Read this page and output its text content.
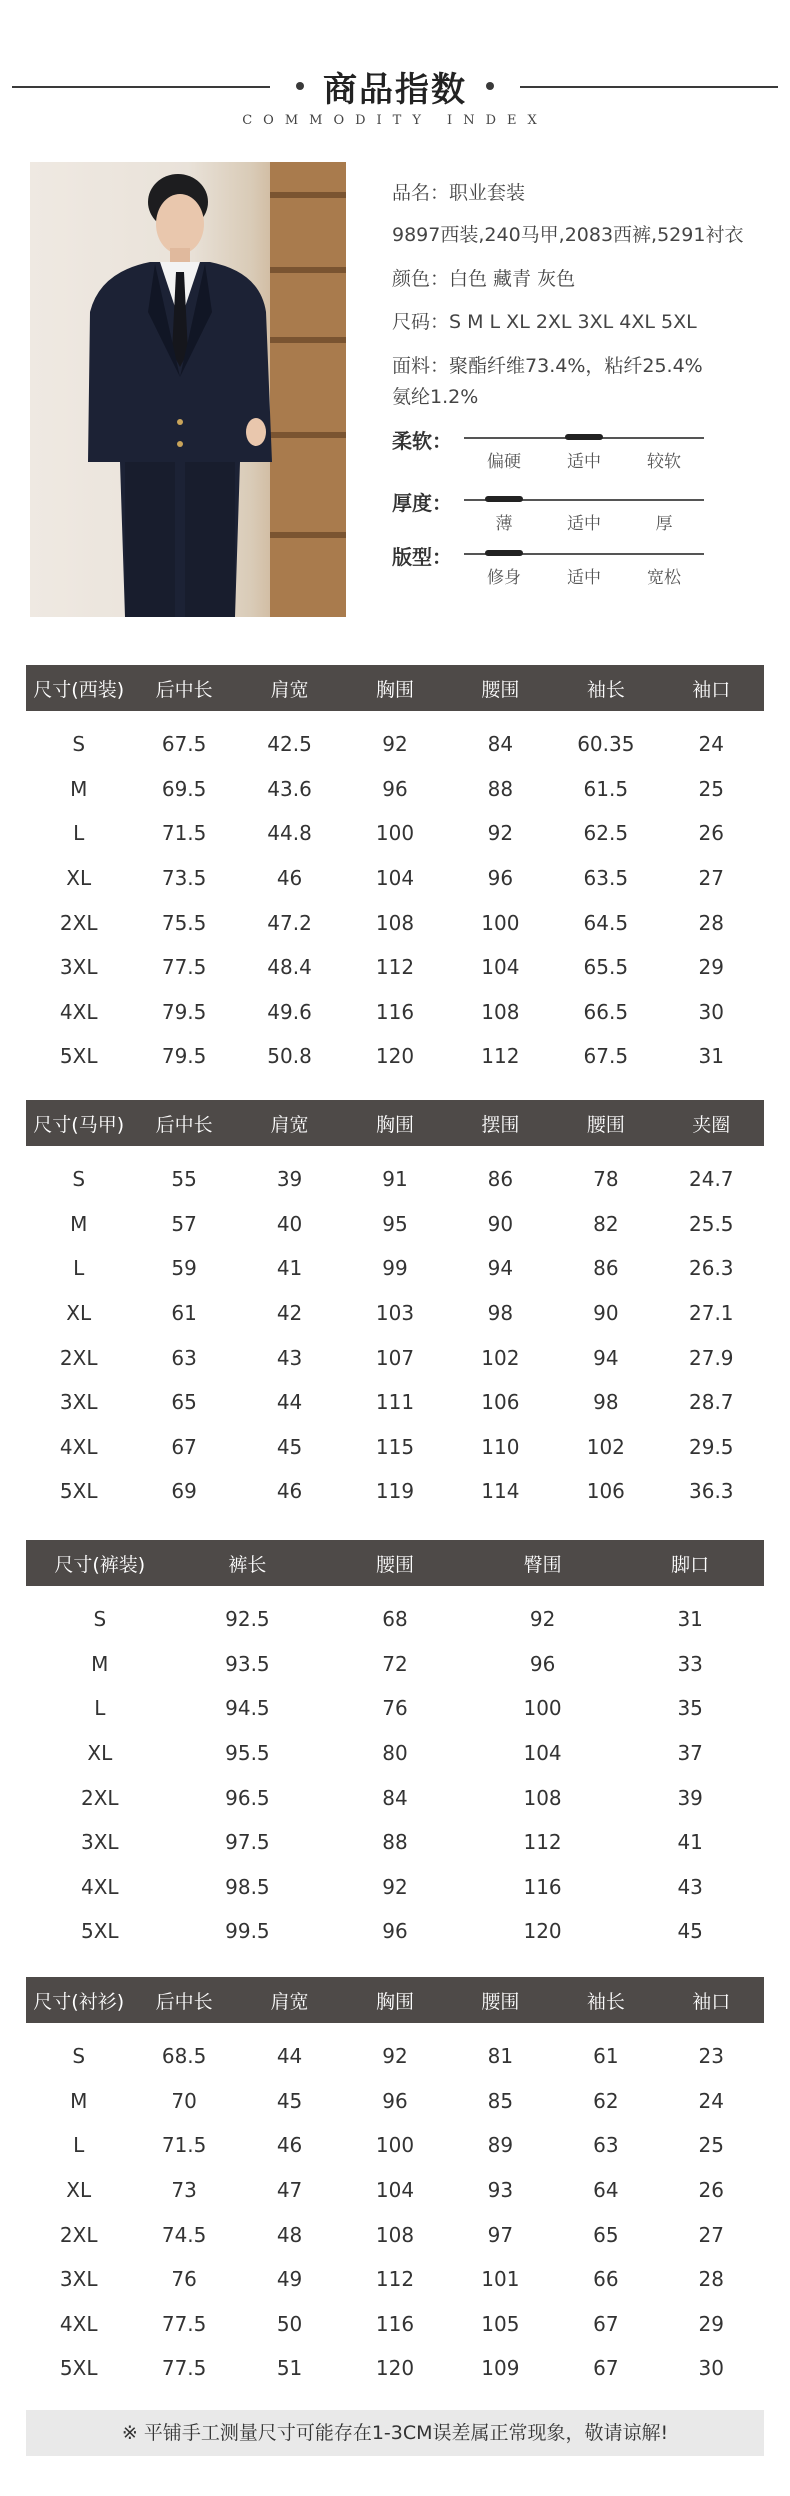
商品指数
COMMODITY INDEX
品名：职业套装
9897西装,240马甲,2083西裤,5291衬衣
颜色：白色 藏青 灰色
尺码：S M L XL 2XL 3XL 4XL 5XL
面料：聚酯纤维73.4%，粘纤25.4%
氨纶1.2%
柔软：
偏硬	适中	较软
厚度：
薄	适中	厚
版型：
修身	适中	宽松
尺寸(西装)	后中长	肩宽	胸围	腰围	袖长	袖口
S	67.5	42.5	92	84	60.35	24
M	69.5	43.6	96	88	61.5	25
L	71.5	44.8	100	92	62.5	26
XL	73.5	46	104	96	63.5	27
2XL	75.5	47.2	108	100	64.5	28
3XL	77.5	48.4	112	104	65.5	29
4XL	79.5	49.6	116	108	66.5	30
5XL	79.5	50.8	120	112	67.5	31
尺寸(马甲)	后中长	肩宽	胸围	摆围	腰围	夹圈
S	55	39	91	86	78	24.7
M	57	40	95	90	82	25.5
L	59	41	99	94	86	26.3
XL	61	42	103	98	90	27.1
2XL	63	43	107	102	94	27.9
3XL	65	44	111	106	98	28.7
4XL	67	45	115	110	102	29.5
5XL	69	46	119	114	106	36.3
尺寸(裤装)	裤长	腰围	臀围	脚口
S	92.5	68	92	31
M	93.5	72	96	33
L	94.5	76	100	35
XL	95.5	80	104	37
2XL	96.5	84	108	39
3XL	97.5	88	112	41
4XL	98.5	92	116	43
5XL	99.5	96	120	45
尺寸(衬衫)	后中长	肩宽	胸围	腰围	袖长	袖口
S	68.5	44	92	81	61	23
M	70	45	96	85	62	24
L	71.5	46	100	89	63	25
XL	73	47	104	93	64	26
2XL	74.5	48	108	97	65	27
3XL	76	49	112	101	66	28
4XL	77.5	50	116	105	67	29
5XL	77.5	51	120	109	67	30
※ 平铺手工测量尺寸可能存在1-3CM误差属正常现象，敬请谅解!
